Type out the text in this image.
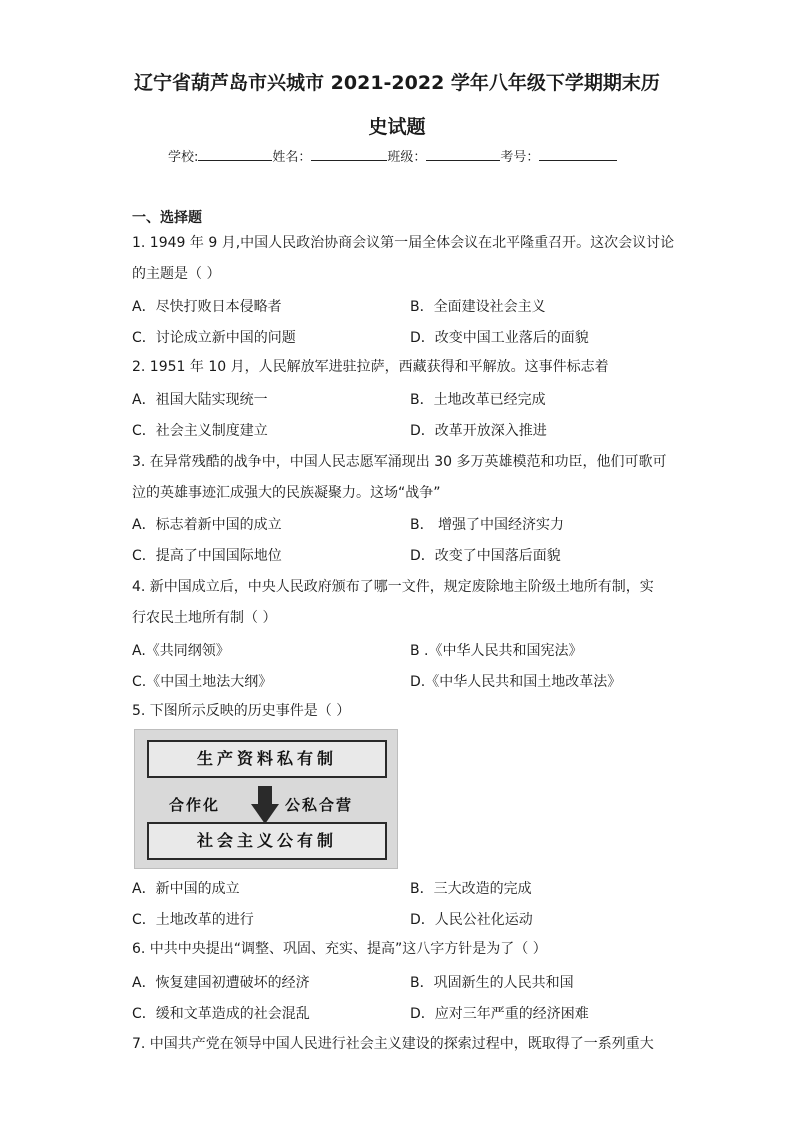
辽宁省葫芦岛市兴城市 2021-2022 学年八年级下学期期末历
史试题
学校:	姓名：	班级：	考号：
一、选择题
1. 1949 年 9 月,中国人民政治协商会议第一届全体会议在北平隆重召开。这次会议讨论
的主题是（ ）
A．尽快打败日本侵略者	B．全面建设社会主义
C．讨论成立新中国的问题	D．改变中国工业落后的面貌
2. 1951 年 10 月，人民解放军进驻拉萨，西藏获得和平解放。这事件标志着
A．祖国大陆实现统一	B．土地改革已经完成
C．社会主义制度建立	D．改革开放深入推进
3. 在异常残酷的战争中，中国人民志愿军涌现出 30 多万英雄模范和功臣，他们可歌可
泣的英雄事迹汇成强大的民族凝聚力。这场“战争”
A．标志着新中国的成立	B． 增强了中国经济实力
C．提高了中国国际地位	D．改变了中国落后面貌
4. 新中国成立后，中央人民政府颁布了哪一文件，规定废除地主阶级土地所有制，实
行农民土地所有制（ ）
A.《共同纲领》	B .《中华人民共和国宪法》
C.《中国土地法大纲》	D.《中华人民共和国土地改革法》
5. 下图所示反映的历史事件是（ ）
生产资料私有制
合作化	公私合营
社会主义公有制
A．新中国的成立	B．三大改造的完成
C．土地改革的进行	D．人民公社化运动
6. 中共中央提出“调整、巩固、充实、提高”这八字方针是为了（ ）
A．恢复建国初遭破坏的经济	B．巩固新生的人民共和国
C．缓和文革造成的社会混乱	D．应对三年严重的经济困难
7. 中国共产党在领导中国人民进行社会主义建设的探索过程中，既取得了一系列重大
